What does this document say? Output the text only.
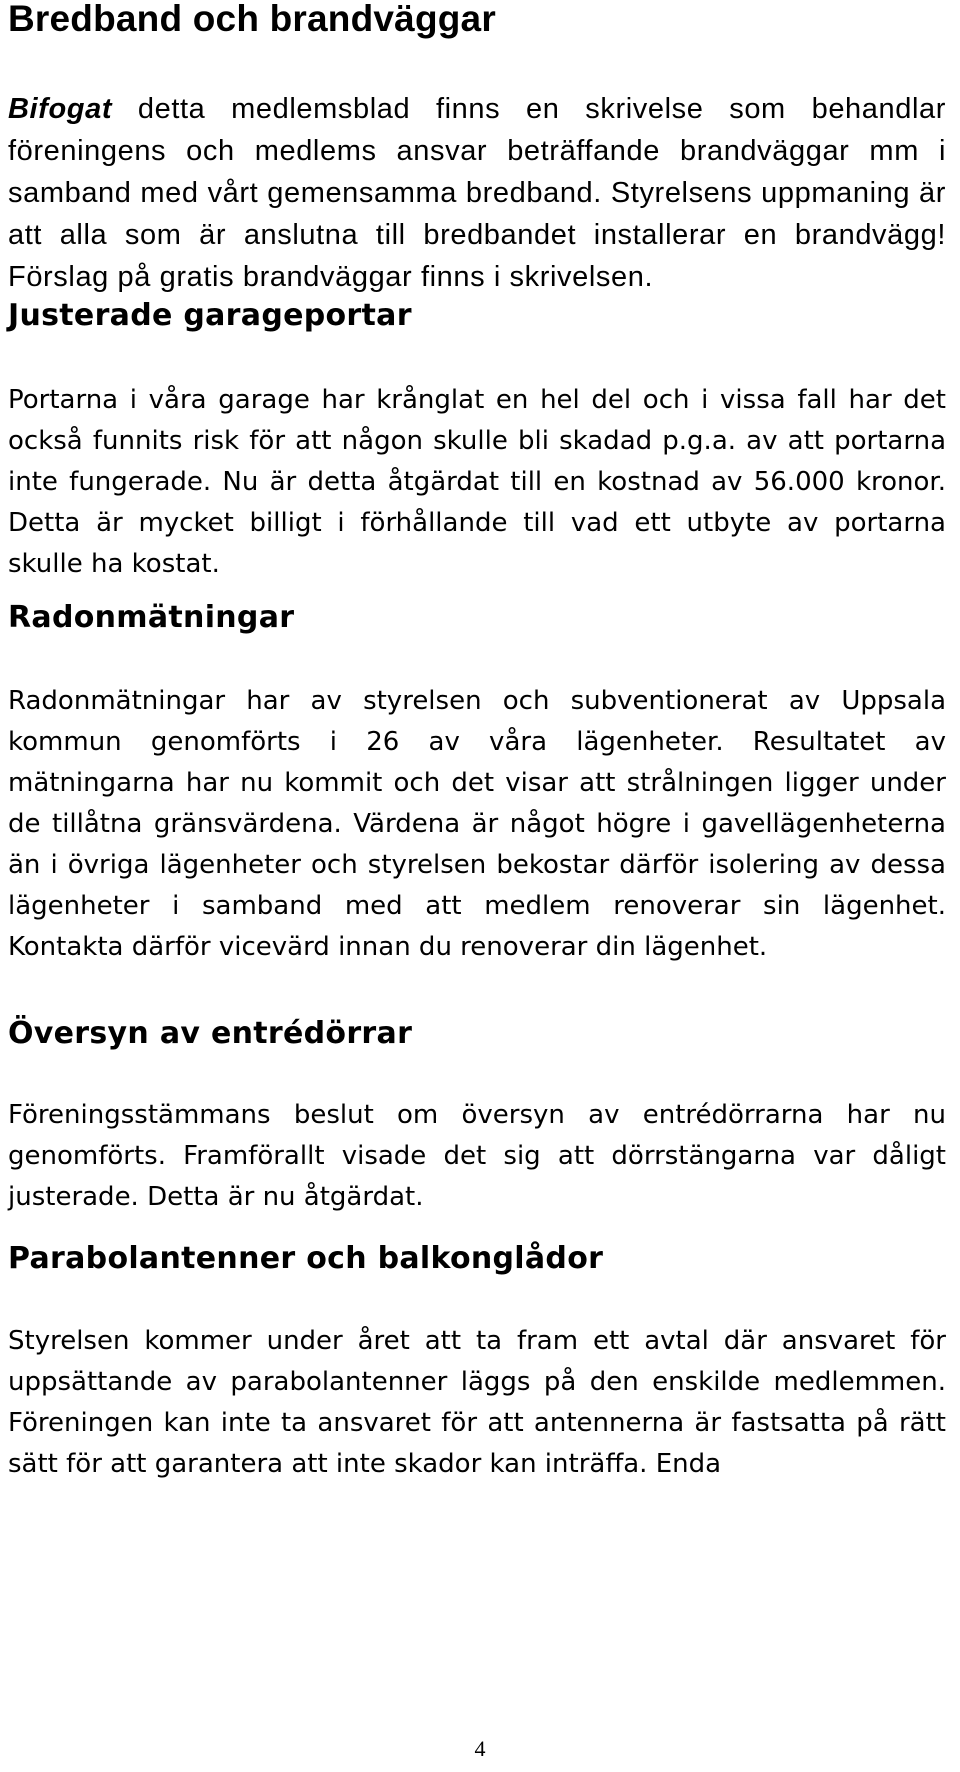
Bredband och brandväggar

Bifogat detta medlemsblad finns en skrivelse som behandlar föreningens och medlems ansvar beträffande brandväggar mm i samband med vårt gemensamma bredband. Styrelsens uppmaning är att alla som är anslutna till bredbandet installerar en brandvägg! Förslag på gratis brandväggar finns i skrivelsen.

Justerade garageportar

Portarna i våra garage har krånglat en hel del och i vissa fall har det också funnits risk för att någon skulle bli skadad p.g.a. av att portarna inte fungerade. Nu är detta åtgärdat till en kostnad av 56.000 kronor. Detta är mycket billigt i förhållande till vad ett utbyte av portarna skulle ha kostat.

Radonmätningar

Radonmätningar har av styrelsen och subventionerat av Uppsala kommun genomförts i 26 av våra lägenheter. Resultatet av mätningarna har nu kommit och det visar att strålningen ligger under de tillåtna gränsvärdena. Värdena är något högre i gavellägenheterna än i övriga lägenheter och styrelsen bekostar därför isolering av dessa lägenheter i samband med att medlem renoverar sin lägenhet. Kontakta därför vicevärd innan du renoverar din lägenhet.

Översyn av entrédörrar

Föreningsstämmans beslut om översyn av entrédörrarna har nu genomförts. Framförallt visade det sig att dörrstängarna var dåligt justerade. Detta är nu åtgärdat.

Parabolantenner och balkonglådor

Styrelsen kommer under året att ta fram ett avtal där ansvaret för uppsättande av parabolantenner läggs på den enskilde medlemmen. Föreningen kan inte ta ansvaret för att antennerna är fastsatta på rätt sätt för att garantera att inte skador kan inträffa. Enda

4
